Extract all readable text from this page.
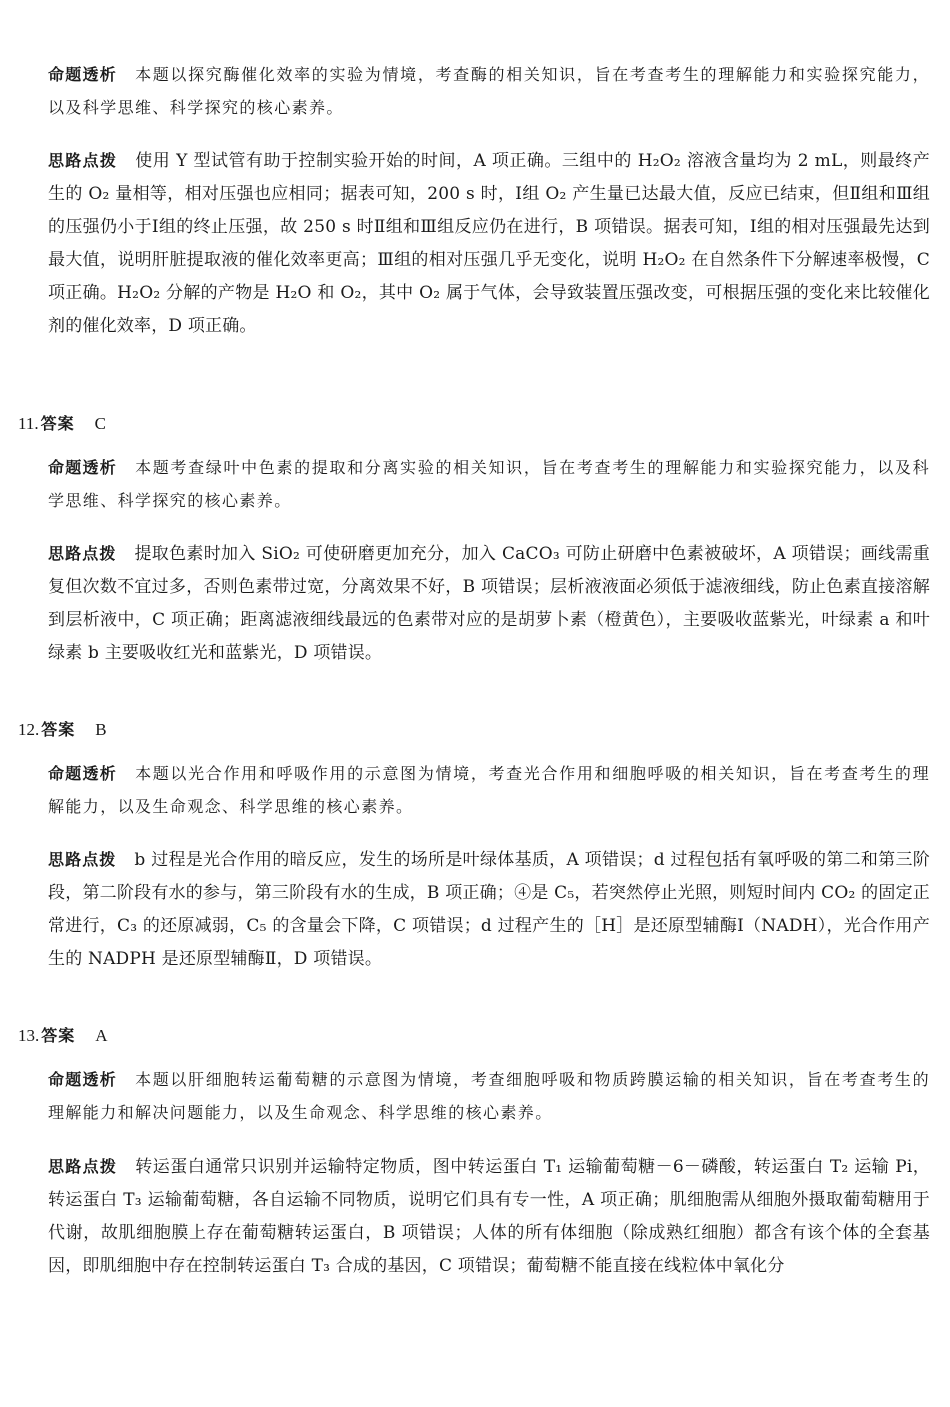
命题透析 本题以探究酶催化效率的实验为情境，考查酶的相关知识，旨在考查考生的理解能力和实验探究能力，以及科学思维、科学探究的核心素养。
思路点拨 使用 Y 型试管有助于控制实验开始的时间，A 项正确。三组中的 H₂O₂ 溶液含量均为 2 mL，则最终产生的 O₂ 量相等，相对压强也应相同；据表可知，200 s 时，Ⅰ组 O₂ 产生量已达最大值，反应已结束，但Ⅱ组和Ⅲ组的压强仍小于Ⅰ组的终止压强，故 250 s 时Ⅱ组和Ⅲ组反应仍在进行，B 项错误。据表可知，Ⅰ组的相对压强最先达到最大值，说明肝脏提取液的催化效率更高；Ⅲ组的相对压强几乎无变化，说明 H₂O₂ 在自然条件下分解速率极慢，C 项正确。H₂O₂ 分解的产物是 H₂O 和 O₂，其中 O₂ 属于气体，会导致装置压强改变，可根据压强的变化来比较催化剂的催化效率，D 项正确。
11. 答案 C
命题透析 本题考查绿叶中色素的提取和分离实验的相关知识，旨在考查考生的理解能力和实验探究能力，以及科学思维、科学探究的核心素养。
思路点拨 提取色素时加入 SiO₂ 可使研磨更加充分，加入 CaCO₃ 可防止研磨中色素被破坏，A 项错误；画线需重复但次数不宜过多，否则色素带过宽，分离效果不好，B 项错误；层析液液面必须低于滤液细线，防止色素直接溶解到层析液中，C 项正确；距离滤液细线最远的色素带对应的是胡萝卜素（橙黄色），主要吸收蓝紫光，叶绿素 a 和叶绿素 b 主要吸收红光和蓝紫光，D 项错误。
12. 答案 B
命题透析 本题以光合作用和呼吸作用的示意图为情境，考查光合作用和细胞呼吸的相关知识，旨在考查考生的理解能力，以及生命观念、科学思维的核心素养。
思路点拨 b 过程是光合作用的暗反应，发生的场所是叶绿体基质，A 项错误；d 过程包括有氧呼吸的第二和第三阶段，第二阶段有水的参与，第三阶段有水的生成，B 项正确；④是 C₅，若突然停止光照，则短时间内 CO₂ 的固定正常进行，C₃ 的还原减弱，C₅ 的含量会下降，C 项错误；d 过程产生的［H］是还原型辅酶Ⅰ（NADH），光合作用产生的 NADPH 是还原型辅酶Ⅱ，D 项错误。
13. 答案 A
命题透析 本题以肝细胞转运葡萄糖的示意图为情境，考查细胞呼吸和物质跨膜运输的相关知识，旨在考查考生的理解能力和解决问题能力，以及生命观念、科学思维的核心素养。
思路点拨 转运蛋白通常只识别并运输特定物质，图中转运蛋白 T₁ 运输葡萄糖－6－磷酸，转运蛋白 T₂ 运输 Pi，转运蛋白 T₃ 运输葡萄糖，各自运输不同物质，说明它们具有专一性，A 项正确；肌细胞需从细胞外摄取葡萄糖用于代谢，故肌细胞膜上存在葡萄糖转运蛋白，B 项错误；人体的所有体细胞（除成熟红细胞）都含有该个体的全套基因，即肌细胞中存在控制转运蛋白 T₃ 合成的基因，C 项错误；葡萄糖不能直接在线粒体中氧化分
